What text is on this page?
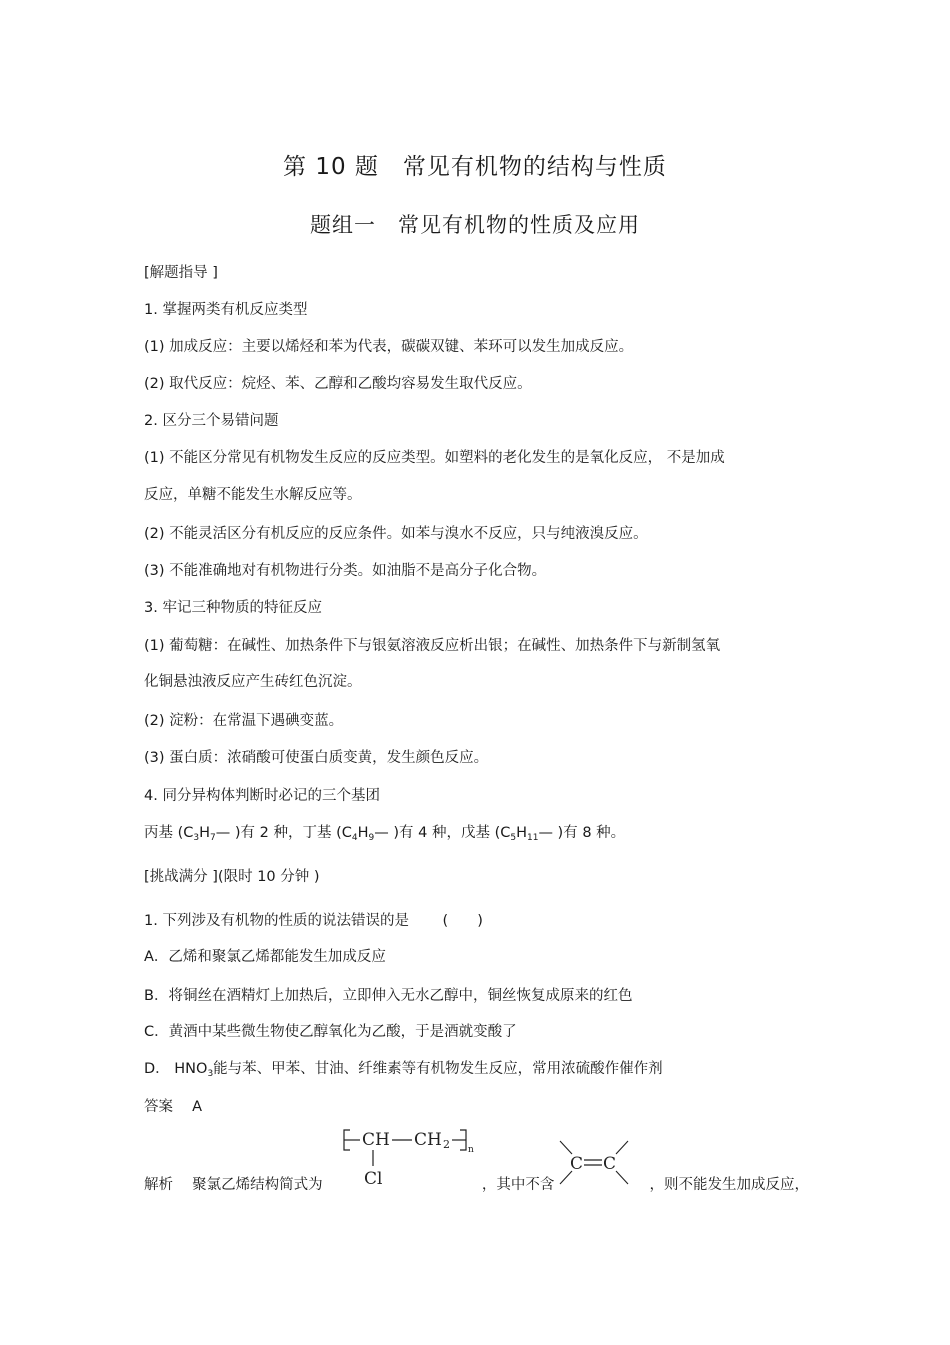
第 10 题　常见有机物的结构与性质
题组一　常见有机物的性质及应用
[解题指导 ]
1. 掌握两类有机反应类型
(1) 加成反应：主要以烯烃和苯为代表，碳碳双键、苯环可以发生加成反应。
(2) 取代反应：烷烃、苯、乙醇和乙酸均容易发生取代反应。
2. 区分三个易错问题
(1) 不能区分常见有机物发生反应的反应类型。如塑料的老化发生的是氧化反应， 不是加成
反应，单糖不能发生水解反应等。
(2) 不能灵活区分有机反应的反应条件。如苯与溴水不反应，只与纯液溴反应。
(3) 不能准确地对有机物进行分类。如油脂不是高分子化合物。
3. 牢记三种物质的特征反应
(1) 葡萄糖：在碱性、加热条件下与银氨溶液反应析出银；在碱性、加热条件下与新制氢氧
化铜悬浊液反应产生砖红色沉淀。
(2) 淀粉：在常温下遇碘变蓝。
(3) 蛋白质：浓硝酸可使蛋白质变黄，发生颜色反应。
4. 同分异构体判断时必记的三个基团
丙基 ($C_3H_7—$ )有 2 种，丁基 ($C_4H_9—$ )有 4 种，戊基 ($C_5H_{11}—$ )有 8 种。
[挑战满分 ](限时 10 分钟 )
1. 下列涉及有机物的性质的说法错误的是　　 (　　)
A．乙烯和聚氯乙烯都能发生加成反应
B．将铜丝在酒精灯上加热后，立即伸入无水乙醇中，铜丝恢复成原来的红色
C．黄酒中某些微生物使乙醇氧化为乙酸，于是酒就变酸了
D． $HNO_3$能与苯、甲苯、甘油、纤维素等有机物发生反应，常用浓硫酸作催作剂
答案　 A
解析　 聚氯乙烯结构简式为	，其中不含	，则不能发生加成反应，
CH CH 2 n
Cl
C C
